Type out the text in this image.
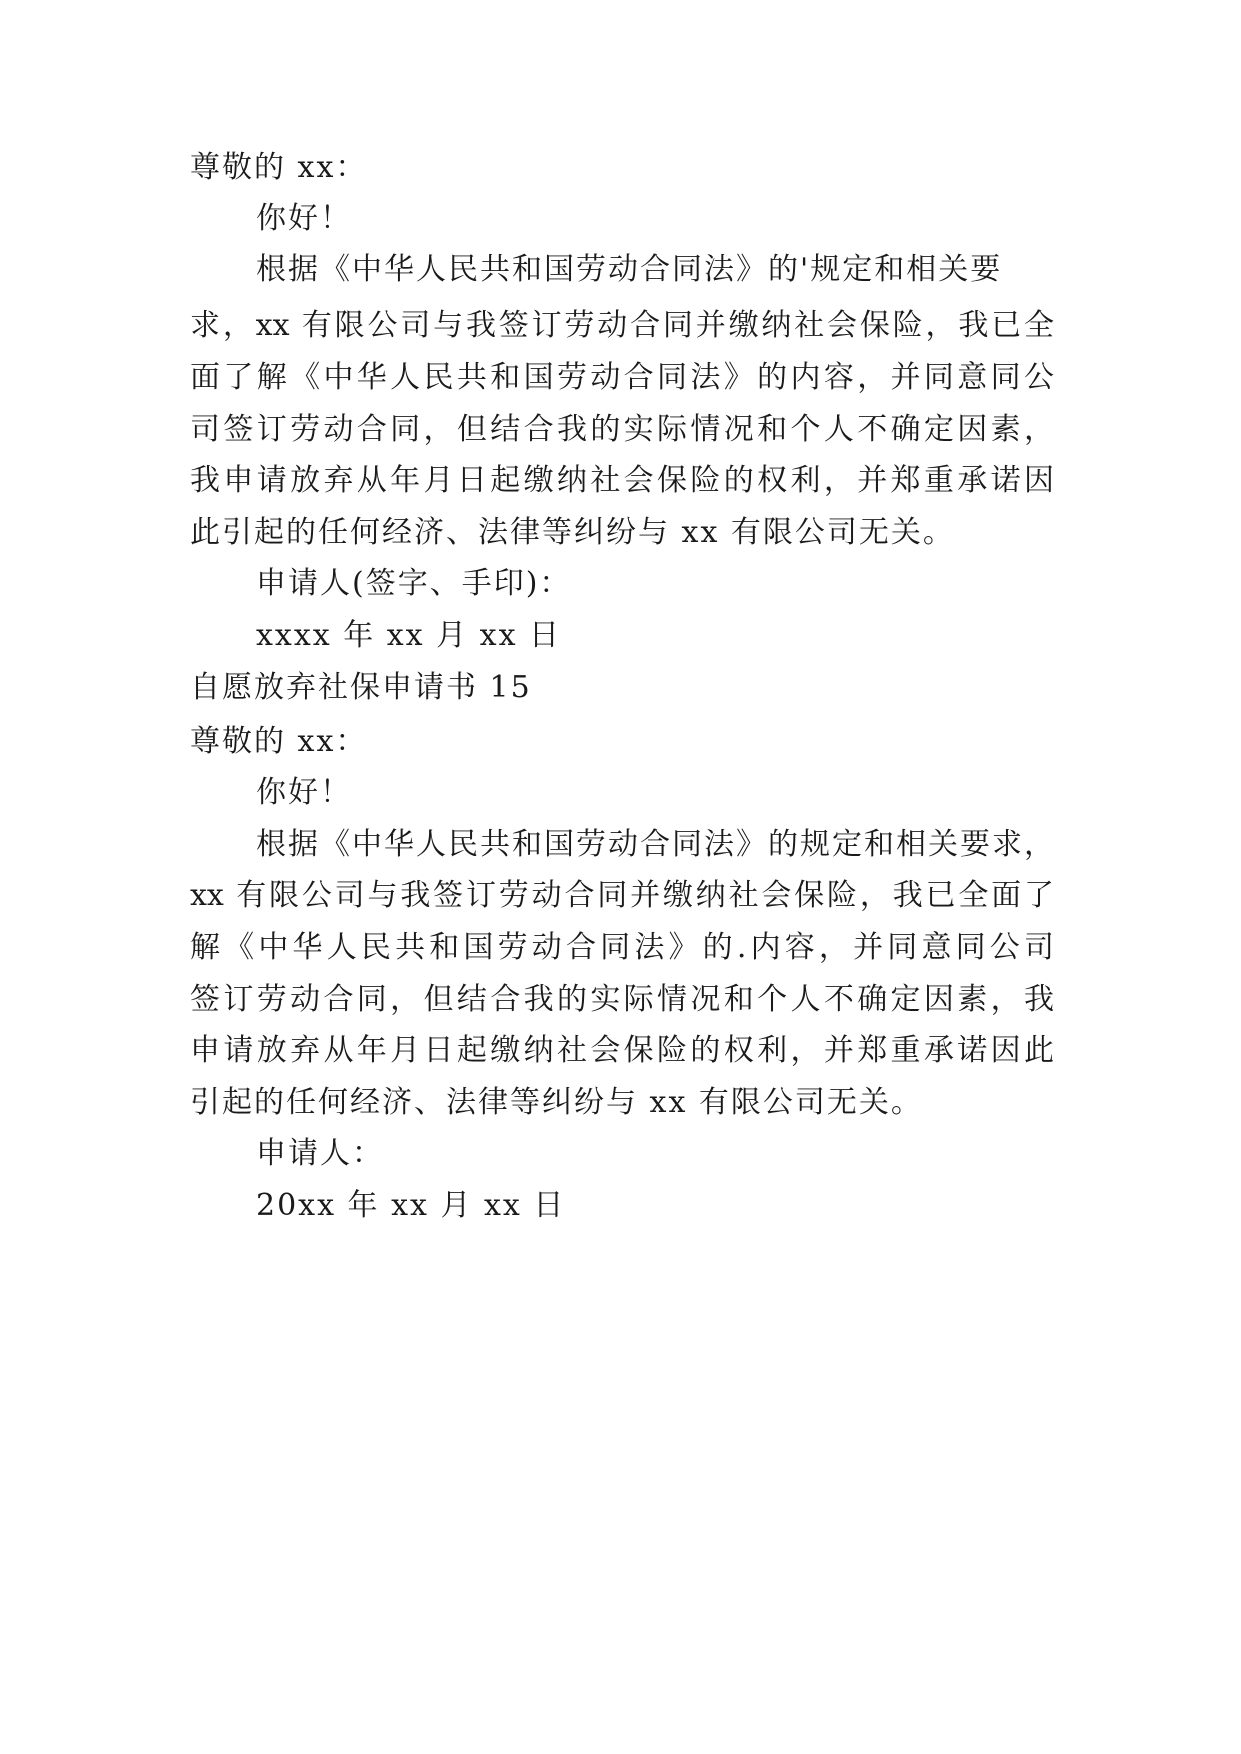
尊敬的 xx：

你好！

根据《中华人民共和国劳动合同法》的'规定和相关要

求，xx 有限公司与我签订劳动合同并缴纳社会保险，我已全

面了解《中华人民共和国劳动合同法》的内容，并同意同公

司签订劳动合同，但结合我的实际情况和个人不确定因素，

我申请放弃从年月日起缴纳社会保险的权利，并郑重承诺因

此引起的任何经济、法律等纠纷与 xx 有限公司无关。

申请人(签字、手印)：

xxxx 年 xx 月 xx 日

自愿放弃社保申请书 15

尊敬的 xx：

你好！

根据《中华人民共和国劳动合同法》的规定和相关要求，

xx 有限公司与我签订劳动合同并缴纳社会保险，我已全面了

解《中华人民共和国劳动合同法》的.内容，并同意同公司

签订劳动合同，但结合我的实际情况和个人不确定因素，我

申请放弃从年月日起缴纳社会保险的权利，并郑重承诺因此

引起的任何经济、法律等纠纷与 xx 有限公司无关。

申请人：

20xx 年 xx 月 xx 日
